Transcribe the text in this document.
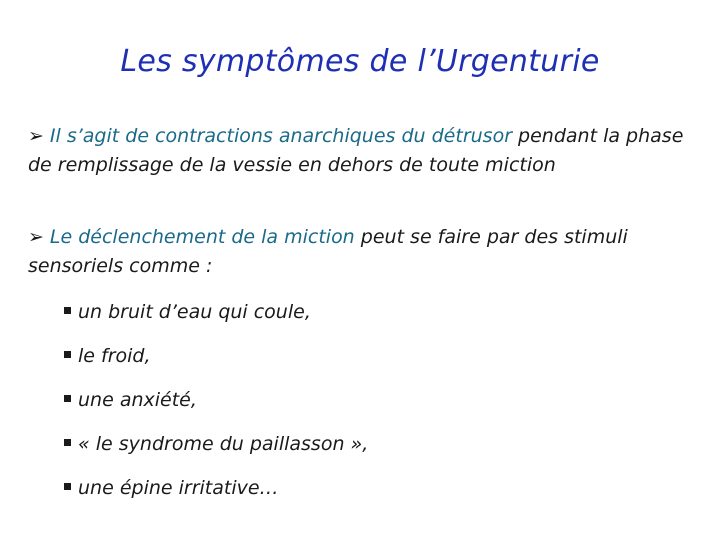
Les symptômes de l’Urgenturie
➢ Il s’agit de contractions anarchiques du détrusor pendant la phase de remplissage de la vessie en dehors de toute miction
➢ Le déclenchement de la miction peut se faire par des stimuli sensoriels comme :
un bruit d’eau qui coule,
le froid,
une anxiété,
« le syndrome du paillasson »,
une épine irritative…
